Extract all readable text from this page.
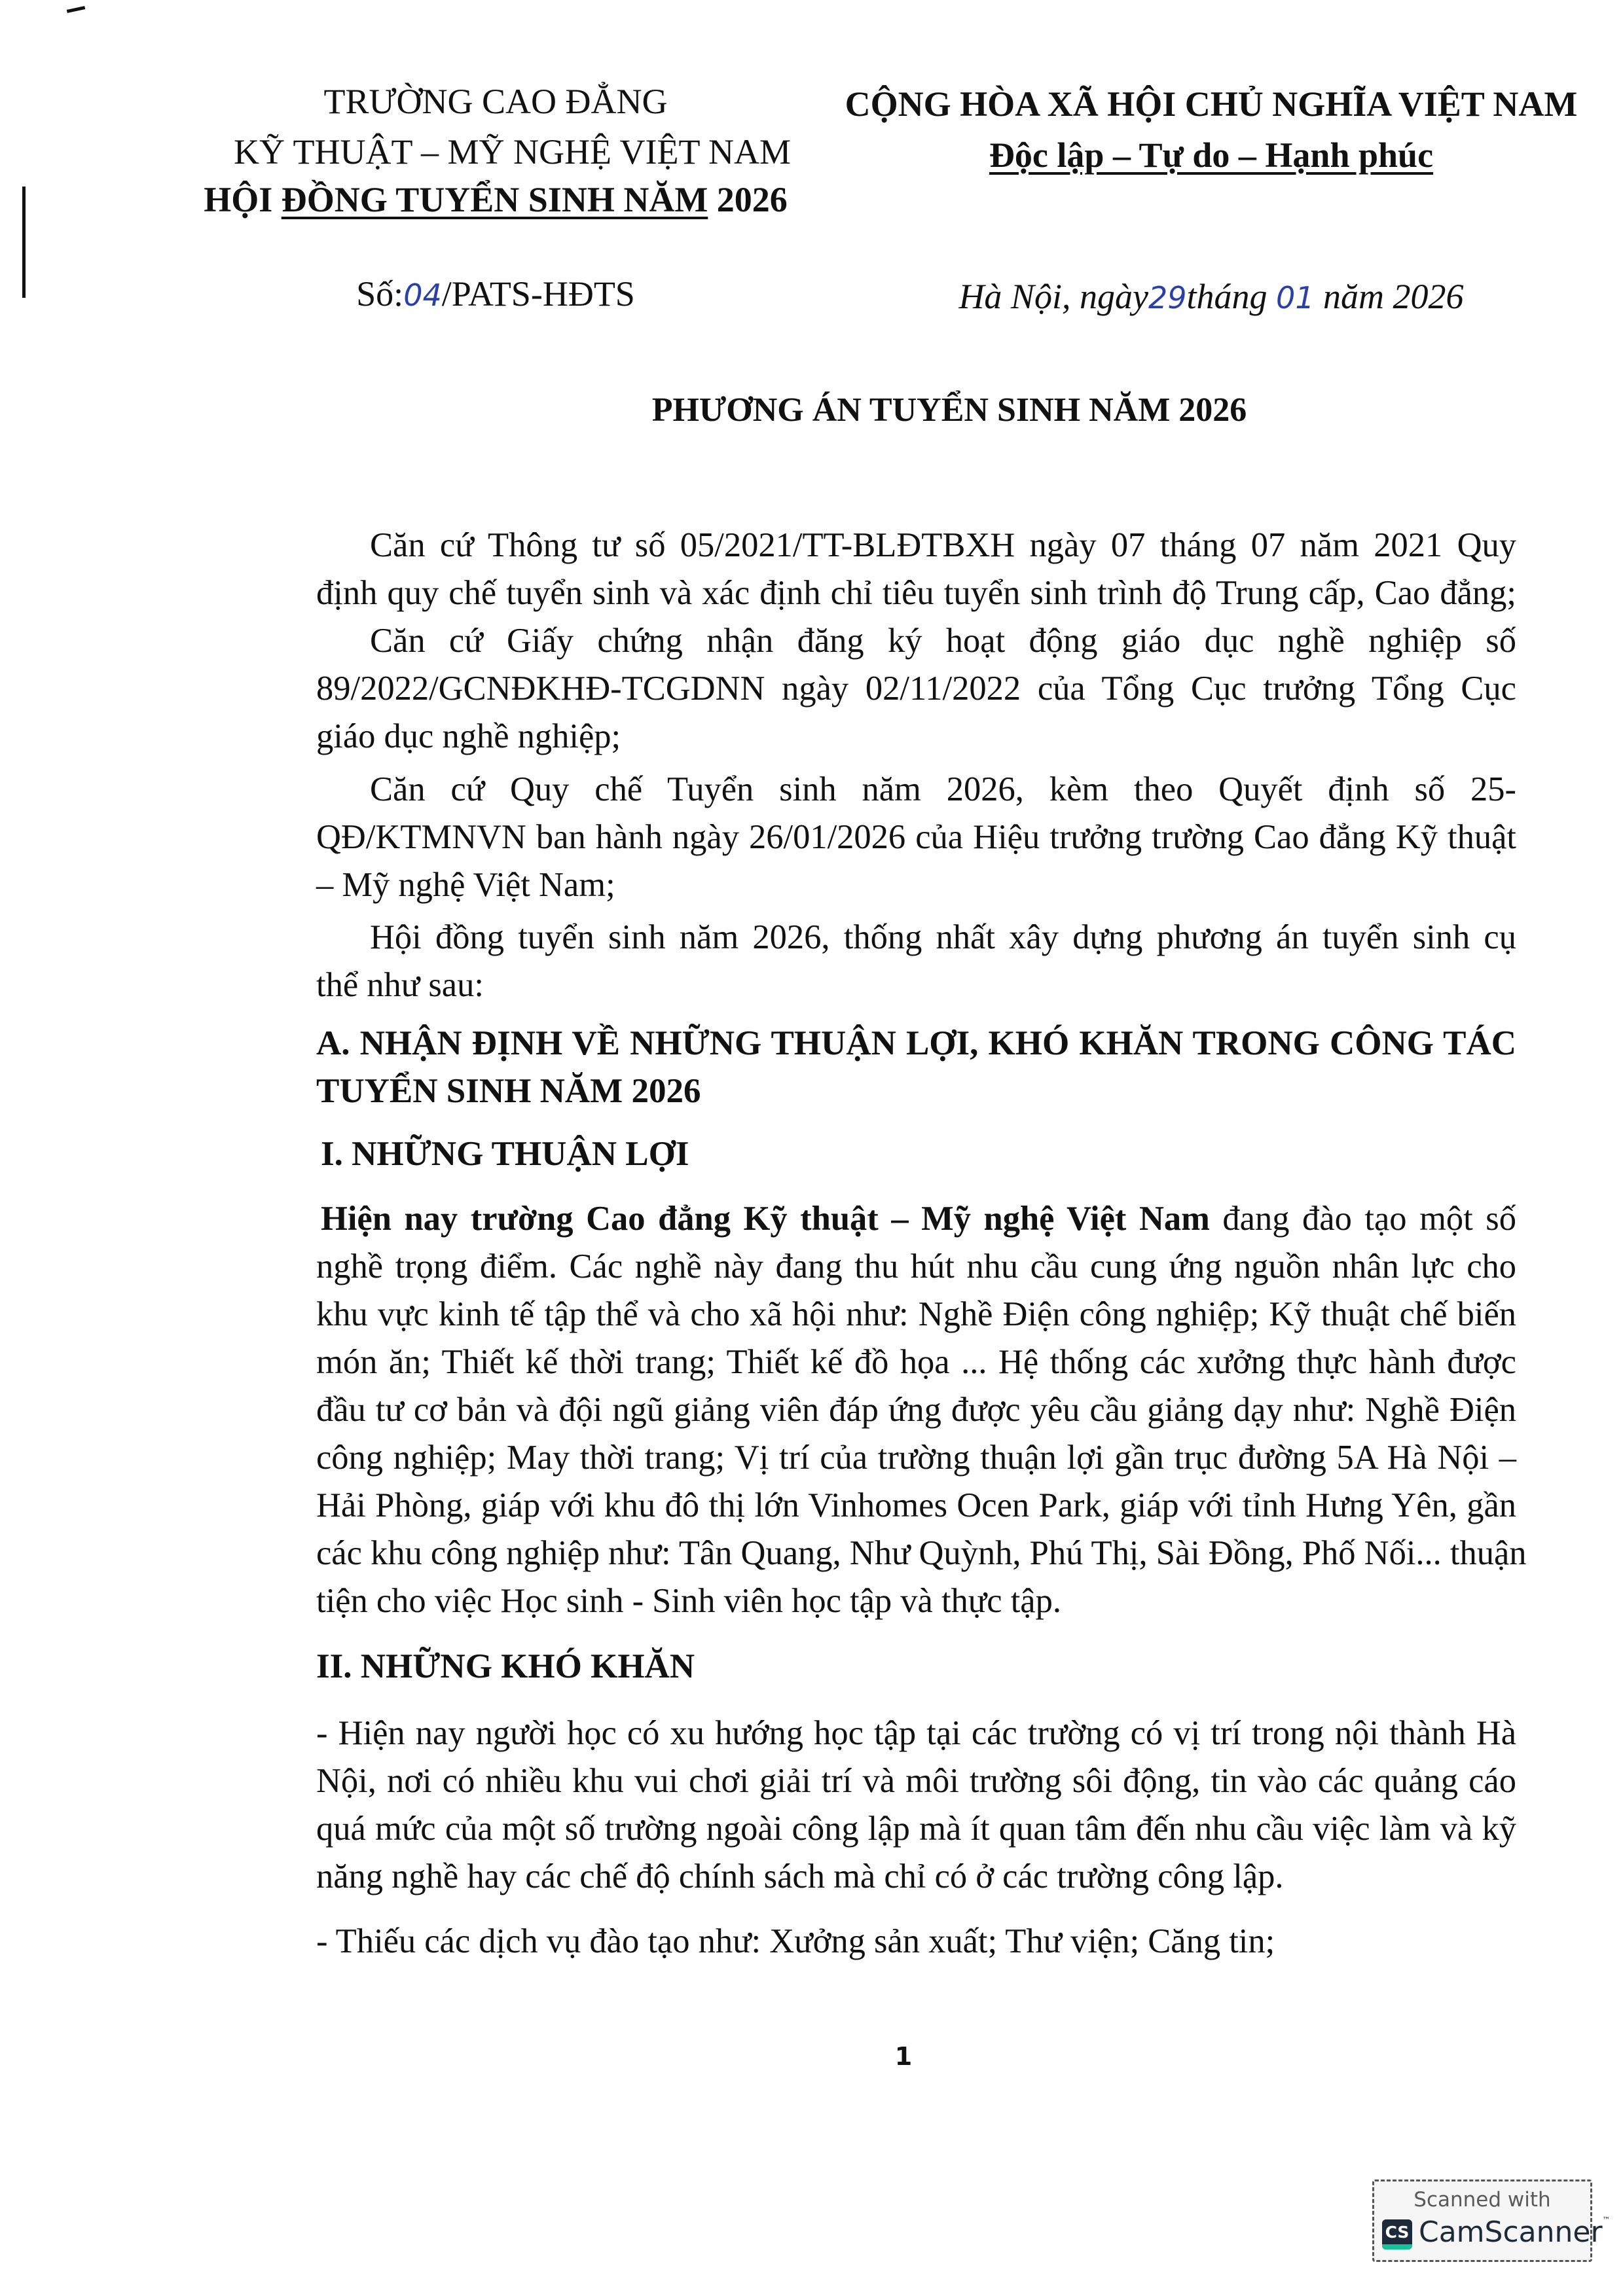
TRƯỜNG CAO ĐẲNG
KỸ THUẬT – MỸ NGHỆ VIỆT NAM
HỘI ĐỒNG TUYỂN SINH NĂM 2026
Số:04/PATS-HĐTS
CỘNG HÒA XÃ HỘI CHỦ NGHĨA VIỆT NAM
Độc lập – Tự do – Hạnh phúc
Hà Nội, ngày29tháng 01 năm 2026
PHƯƠNG ÁN TUYỂN SINH NĂM 2026
Căn cứ Thông tư số 05/2021/TT-BLĐTBXH ngày 07 tháng 07 năm 2021 Quy
định quy chế tuyển sinh và xác định chỉ tiêu tuyển sinh trình độ Trung cấp, Cao đẳng;
Căn cứ Giấy chứng nhận đăng ký hoạt động giáo dục nghề nghiệp số
89/2022/GCNĐKHĐ-TCGDNN ngày 02/11/2022 của Tổng Cục trưởng Tổng Cục
giáo dục nghề nghiệp;
Căn cứ Quy chế Tuyển sinh năm 2026, kèm theo Quyết định số 25-
QĐ/KTMNVN ban hành ngày 26/01/2026 của Hiệu trưởng trường Cao đẳng Kỹ thuật
– Mỹ nghệ Việt Nam;
Hội đồng tuyển sinh năm 2026, thống nhất xây dựng phương án tuyển sinh cụ
thể như sau:
A. NHẬN ĐỊNH VỀ NHỮNG THUẬN LỢI, KHÓ KHĂN TRONG CÔNG TÁC
TUYỂN SINH NĂM 2026
I. NHỮNG THUẬN LỢI
Hiện nay trường Cao đẳng Kỹ thuật – Mỹ nghệ Việt Nam đang đào tạo một số
nghề trọng điểm. Các nghề này đang thu hút nhu cầu cung ứng nguồn nhân lực cho
khu vực kinh tế tập thể và cho xã hội như: Nghề Điện công nghiệp; Kỹ thuật chế biến
món ăn; Thiết kế thời trang; Thiết kế đồ họa ... Hệ thống các xưởng thực hành được
đầu tư cơ bản và đội ngũ giảng viên đáp ứng được yêu cầu giảng dạy như: Nghề Điện
công nghiệp; May thời trang; Vị trí của trường thuận lợi gần trục đường 5A Hà Nội –
Hải Phòng, giáp với khu đô thị lớn Vinhomes Ocen Park, giáp với tỉnh Hưng Yên, gần
các khu công nghiệp như: Tân Quang, Như Quỳnh, Phú Thị, Sài Đồng, Phố Nối... thuận
tiện cho việc Học sinh - Sinh viên học tập và thực tập.
II. NHỮNG KHÓ KHĂN
- Hiện nay người học có xu hướng học tập tại các trường có vị trí trong nội thành Hà
Nội, nơi có nhiều khu vui chơi giải trí và môi trường sôi động, tin vào các quảng cáo
quá mức của một số trường ngoài công lập mà ít quan tâm đến nhu cầu việc làm và kỹ
năng nghề hay các chế độ chính sách mà chỉ có ở các trường công lập.
- Thiếu các dịch vụ đào tạo như: Xưởng sản xuất; Thư viện; Căng tin;
1
Scanned with
CS CamScanner™
